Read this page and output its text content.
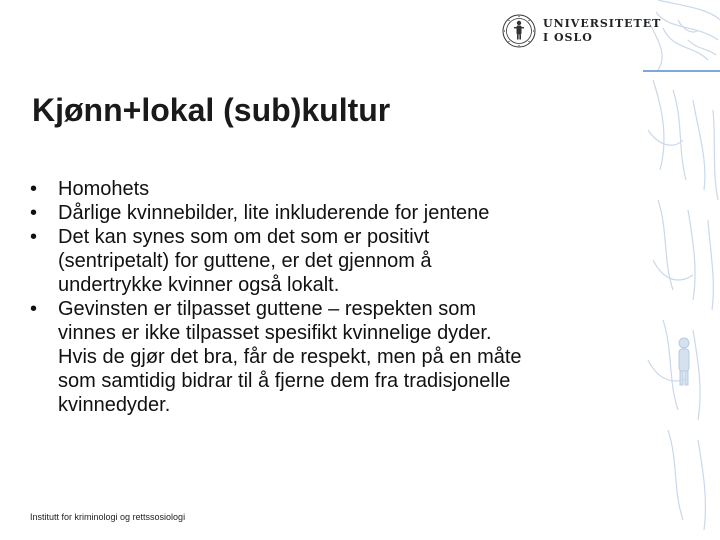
UNIVERSITETET
I OSLO
Kjønn+lokal (sub)kultur
• Homohets
• Dårlige kvinnebilder, lite inkluderende for jentene
• Det kan synes som om det som er positivt
(sentripetalt) for guttene, er det gjennom å
undertrykke kvinner også lokalt.
• Gevinsten er tilpasset guttene – respekten som
vinnes er ikke tilpasset spesifikt kvinnelige dyder.
Hvis de gjør det bra, får de respekt, men på en måte
som samtidig bidrar til å fjerne dem fra tradisjonelle
kvinnedyder.
Institutt for kriminologi og rettssosiologi
